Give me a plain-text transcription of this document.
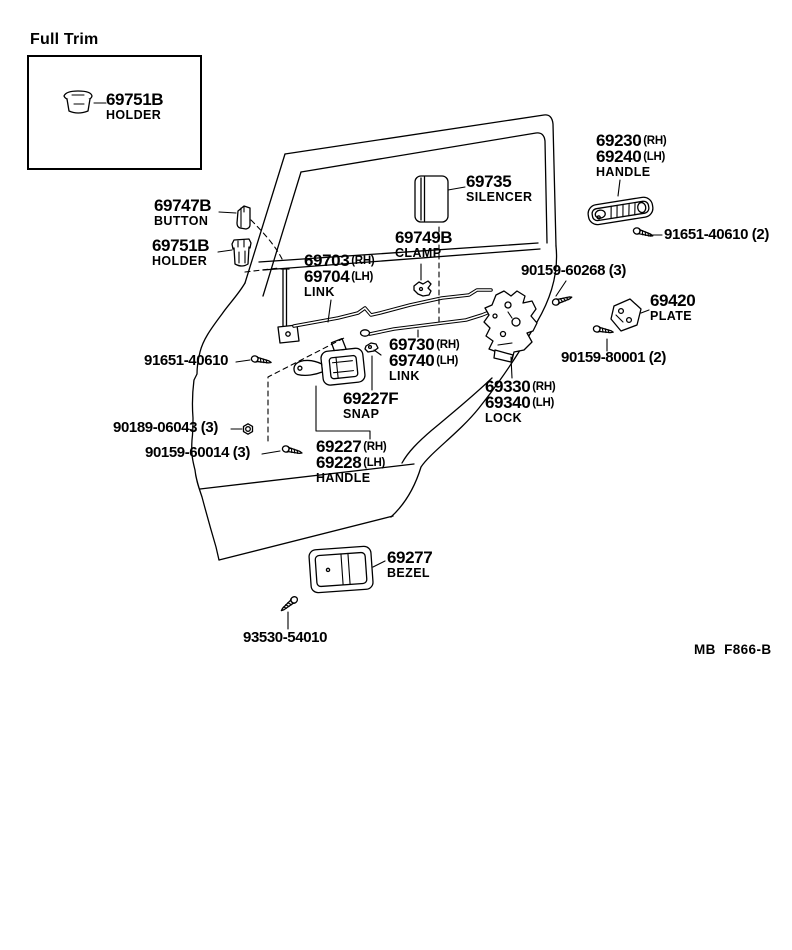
Full Trim
69751B
HOLDER
69747B
BUTTON
69751B
HOLDER
69230 (RH)
69240 (LH)
HANDLE
91651-40610 (2)
69735
SILENCER
69749B
CLAMP
69703 (RH)
69704 (LH)
LINK
90159-60268 (3)
69420
PLATE
90159-80001 (2)
69730 (RH)
69740 (LH)
LINK
69330 (RH)
69340 (LH)
LOCK
91651-40610
69227F
SNAP
90189-06043 (3)
90159-60014 (3)	69227 (RH)
69228 (LH)
HANDLE
69277
BEZEL
93530-54010
MB  F866-B
